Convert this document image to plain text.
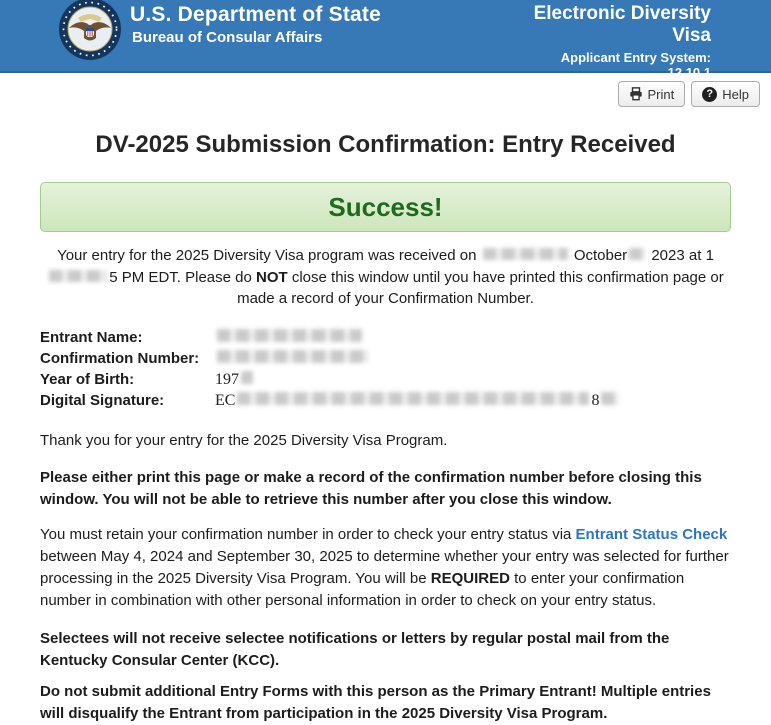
U.S. Department of State
Bureau of Consular Affairs
Electronic Diversity
Visa
Applicant Entry System:
12.10.1
Print	? Help
DV-2025 Submission Confirmation: Entry Received
Success!

Your entry for the 2025 Diversity Visa program was received on	October 2023 at 15 PM EDT. Please do NOT close this window until you have printed this confirmation page or made a record of your Confirmation Number.

Entrant Name:
Confirmation Number:
Year of Birth:	197
Digital Signature:	EC	8

Thank you for your entry for the 2025 Diversity Visa Program.

Please either print this page or make a record of the confirmation number before closing this window. You will not be able to retrieve this number after you close this window.

You must retain your confirmation number in order to check your entry status via Entrant Status Check between May 4, 2024 and September 30, 2025 to determine whether your entry was selected for further processing in the 2025 Diversity Visa Program. You will be REQUIRED to enter your confirmation number in combination with other personal information in order to check on your entry status.

Selectees will not receive selectee notifications or letters by regular postal mail from the Kentucky Consular Center (KCC).

Do not submit additional Entry Forms with this person as the Primary Entrant! Multiple entries will disqualify the Entrant from participation in the 2025 Diversity Visa Program.
